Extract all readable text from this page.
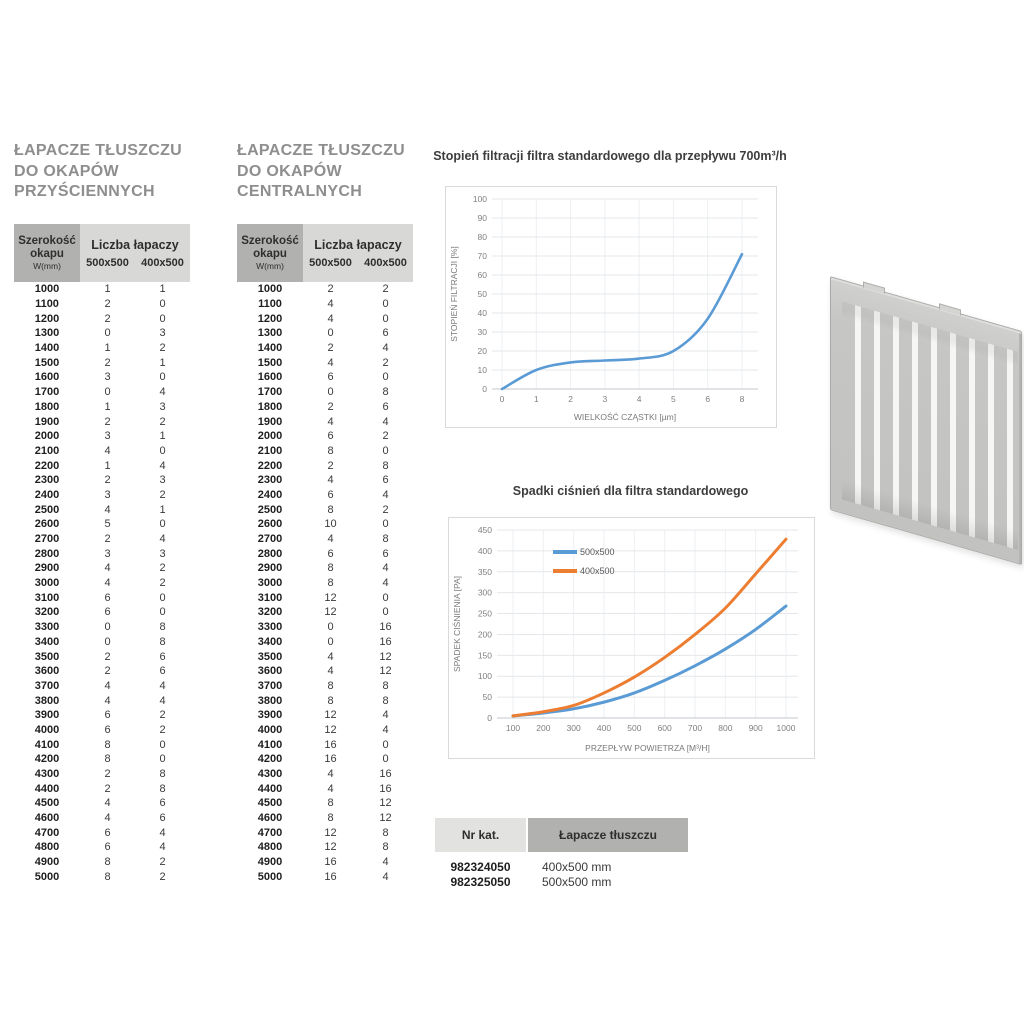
ŁAPACZE TŁUSZCZU
DO OKAPÓW
PRZYŚCIENNYCH
Szerokość
okapu
W(mm)
Liczba łapaczy
500x500	400x500
1000	1	1
1100	2	0
1200	2	0
1300	0	3
1400	1	2
1500	2	1
1600	3	0
1700	0	4
1800	1	3
1900	2	2
2000	3	1
2100	4	0
2200	1	4
2300	2	3
2400	3	2
2500	4	1
2600	5	0
2700	2	4
2800	3	3
2900	4	2
3000	4	2
3100	6	0
3200	6	0
3300	0	8
3400	0	8
3500	2	6
3600	2	6
3700	4	4
3800	4	4
3900	6	2
4000	6	2
4100	8	0
4200	8	0
4300	2	8
4400	2	8
4500	4	6
4600	4	6
4700	6	4
4800	6	4
4900	8	2
5000	8	2
ŁAPACZE TŁUSZCZU
DO OKAPÓW
CENTRALNYCH
Szerokość
okapu
W(mm)
Liczba łapaczy
500x500	400x500
1000	2	2
1100	4	0
1200	4	0
1300	0	6
1400	2	4
1500	4	2
1600	6	0
1700	0	8
1800	2	6
1900	4	4
2000	6	2
2100	8	0
2200	2	8
2300	4	6
2400	6	4
2500	8	2
2600	10	0
2700	4	8
2800	6	6
2900	8	4
3000	8	4
3100	12	0
3200	12	0
3300	0	16
3400	0	16
3500	4	12
3600	4	12
3700	8	8
3800	8	8
3900	12	4
4000	12	4
4100	16	0
4200	16	0
4300	4	16
4400	4	16
4500	8	12
4600	8	12
4700	12	8
4800	12	8
4900	16	4
5000	16	4
Stopień filtracji filtra standardowego dla przepływu 700m³/h
0	1	2	3	4	5	6	8
0
10
20
30
40
50
60
70
80
90
100
WIELKOŚĆ CZĄSTKI [µm]
STOPIEŃ FILTRACJI [%]
Spadki ciśnień dla filtra standardowego
100 200 300 400 500 600 700 800 900 1000
0
50
100
150
200
250
300
350
400
450
500x500
400x500
PRZEPŁYW POWIETRZA [M³/H]
SPADEK CIŚNIENIA [PA]
Nr kat.	Łapacze tłuszczu
982324050	400x500 mm
982325050	500x500 mm
